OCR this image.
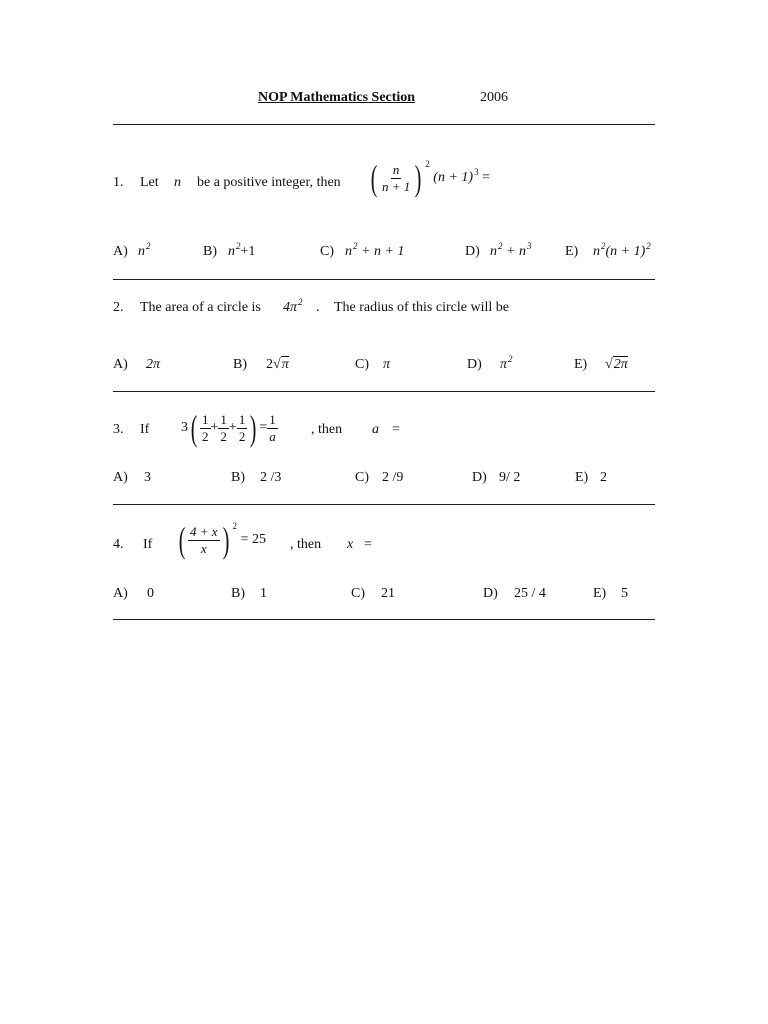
NOP Mathematics Section	2006
1. Let n be a positive integer, then ( $\frac{n}{n + 1}$ ) $^2$ $(n + 1)^3$ =
A) $n^2$	B) $n^2+1$	C) $n^2 + n + 1$	D) $n^2 + n^3$ E) $n^2(n + 1)^2$
2. The area of a circle is $4\pi^2$ . The radius of this circle will be
A) 2π	B) 2√π	C) π	D) $\pi^2$	E) √2π
3. If $3( \frac{1}{2} + \frac{1}{2} + \frac{1}{2}$ ) = $\frac{1}{a}$ , then a =
A) 3	B) 2 /3	C) 2 /9	D) 9/ 2	E) 2
4. If ( $\frac{4 + x}{x}$ ) $^2$ = 25 , then x =
A) 0	B) 1	C) 21	D) 25 / 4	E) 5
